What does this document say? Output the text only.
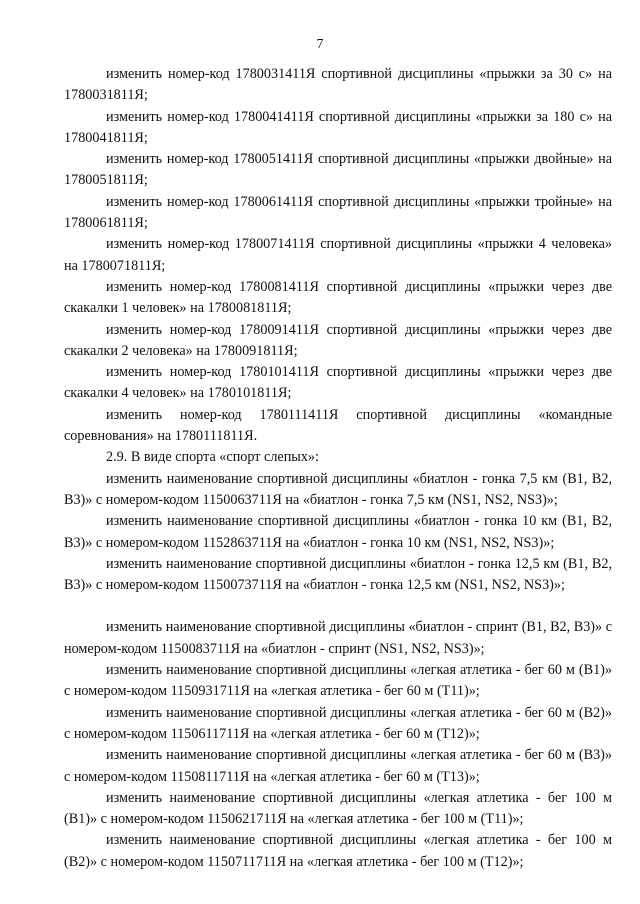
7

изменить номер-код 1780031411Я спортивной дисциплины «прыжки за 30 с» на 1780031811Я;

изменить номер-код 1780041411Я спортивной дисциплины «прыжки за 180 с» на 1780041811Я;

изменить номер-код 1780051411Я спортивной дисциплины «прыжки двойные» на 1780051811Я;

изменить номер-код 1780061411Я спортивной дисциплины «прыжки тройные» на 1780061811Я;

изменить номер-код 1780071411Я спортивной дисциплины «прыжки 4 человека» на 1780071811Я;

изменить номер-код 1780081411Я спортивной дисциплины «прыжки через две скакалки 1 человек» на 1780081811Я;

изменить номер-код 1780091411Я спортивной дисциплины «прыжки через две скакалки 2 человека» на 1780091811Я;

изменить номер-код 1780101411Я спортивной дисциплины «прыжки через две скакалки 4 человек» на 1780101811Я;

изменить номер-код 1780111411Я спортивной дисциплины «командные соревнования» на 1780111811Я.

2.9. В виде спорта «спорт слепых»:

изменить наименование спортивной дисциплины «биатлон - гонка 7,5 км (B1, B2, B3)» с номером-кодом 1150063711Я на «биатлон - гонка 7,5 км (NS1, NS2, NS3)»;

изменить наименование спортивной дисциплины «биатлон - гонка 10 км (B1, B2, B3)» с номером-кодом 1152863711Я на «биатлон - гонка 10 км (NS1, NS2, NS3)»;

изменить наименование спортивной дисциплины «биатлон - гонка 12,5 км (B1, B2, B3)» с номером-кодом 1150073711Я на «биатлон - гонка 12,5 км (NS1, NS2, NS3)»;

изменить наименование спортивной дисциплины «биатлон - спринт (B1, B2, B3)» с номером-кодом 1150083711Я на «биатлон - спринт (NS1, NS2, NS3)»;

изменить наименование спортивной дисциплины «легкая атлетика - бег 60 м (B1)» с номером-кодом 1150931711Я на «легкая атлетика - бег 60 м (T11)»;

изменить наименование спортивной дисциплины «легкая атлетика - бег 60 м (B2)» с номером-кодом 1150611711Я на «легкая атлетика - бег 60 м (T12)»;

изменить наименование спортивной дисциплины «легкая атлетика - бег 60 м (B3)» с номером-кодом 1150811711Я на «легкая атлетика - бег 60 м (T13)»;

изменить наименование спортивной дисциплины «легкая атлетика - бег 100 м (B1)» с номером-кодом 1150621711Я на «легкая атлетика - бег 100 м (T11)»;

изменить наименование спортивной дисциплины «легкая атлетика - бег 100 м (B2)» с номером-кодом 1150711711Я на «легкая атлетика - бег 100 м (T12)»;
